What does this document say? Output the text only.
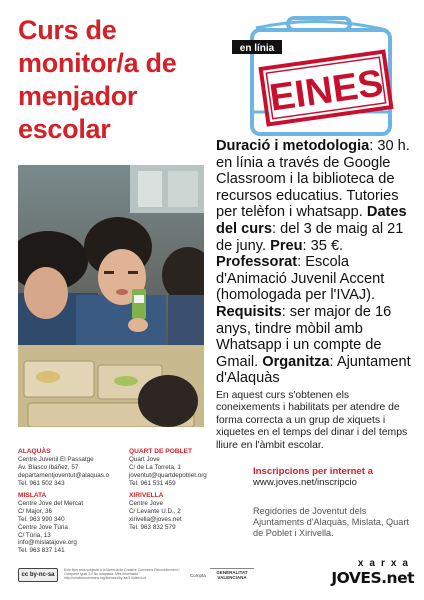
Curs de
monitor/a de
menjador
escolar
en línia
EINES
Duració i metodologia: 30 h. en línia a través de Google Classroom i la biblioteca de recursos educatius. Tutories per telèfon i whatsapp. Dates del curs: del 3 de maig al 21 de juny. Preu: 35 €. Professorat: Escola d'Animació Juvenil Accent (homologada per l'IVAJ). Requisits: ser major de 16 anys, tindre mòbil amb Whatsapp i un compte de Gmail. Organitza: Ajuntament d'Alaquàs
En aquest curs s'obtenen els coneixements i habilitats per atendre de forma correcta a un grup de xiquets i xiquetes en el temps del dinar i del temps lliure en l'àmbit escolar.
ALAQUÀS
Centre Juvenil El Passatge
Av. Blasco Ibáñez, 57
departamentjoventut@alaquas.o
Tel. 961 502 343
QUART DE POBLET
Quart Jove
C/ de La Torreta, 1
joventut@quartdepoblet.org
Tel. 961 531 459
MISLATA
Centre Jove del Mercat
C/ Major, 36
Tel. 963 990 340
Centre Jove Túria
C/ Túria, 13
info@mislatajove.org
Tel. 963 837 141
XIRIVELLA
Centre Jove
C/ Levante U.D., 2
xirivella@joves.net
Tel. 963 832 579
Inscripcions per internet a
www.joves.net/inscripcio
Regidories de Joventut dels Ajuntaments d'Alaquàs, Mislata, Quart de Poblet i Xirivella.
cc by-nc-sa
Este flyer està subjecte a la llicència de Creative Commons Reconeixement i Compartir Igual 3.0 No adaptada. Més informació http://creativecommons.org/licenses/by-sa/3.0/deed.ca
Compta
GENERALITAT VALENCIANA
xarxa
JOVES.net
